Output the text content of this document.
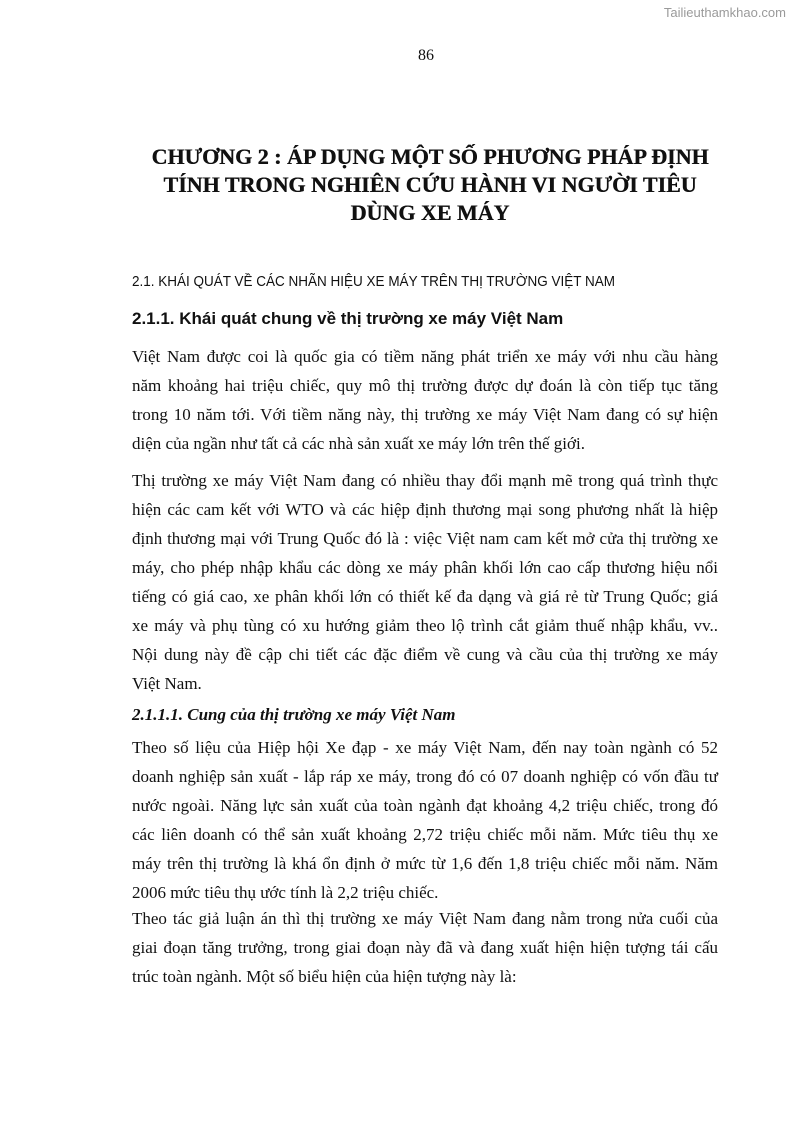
Tailieuthamkhao.com
86
CHƯƠNG 2 : ÁP DỤNG MỘT SỐ PHƯƠNG PHÁP ĐỊNH
TÍNH TRONG NGHIÊN CỨU HÀNH VI NGƯỜI TIÊU
DÙNG XE MÁY
2.1. KHÁI QUÁT VỀ CÁC NHÃN HIỆU XE MÁY TRÊN THỊ TRƯỜNG VIỆT NAM
2.1.1. Khái quát chung về thị trường xe máy Việt Nam
Việt Nam được coi là quốc gia có tiềm năng phát triển xe máy với nhu cầu hàng
năm khoảng hai triệu chiếc, quy mô thị trường được dự đoán là còn tiếp tục tăng
trong 10 năm tới. Với tiềm năng này, thị trường xe máy Việt Nam đang có sự hiện
diện của ngần như tất cả các nhà sản xuất xe máy lớn trên thế giới.
Thị trường xe máy Việt Nam đang có nhiều thay đổi mạnh mẽ trong quá trình thực
hiện các cam kết với WTO và các hiệp định thương mại song phương nhất là hiệp
định thương mại với Trung Quốc đó là : việc Việt nam cam kết mở cửa thị trường xe
máy, cho phép nhập khẩu các dòng xe máy phân khối lớn cao cấp thương hiệu nổi
tiếng có giá cao, xe phân khối lớn có thiết kế đa dạng và giá rẻ từ Trung Quốc; giá
xe máy và phụ tùng có xu hướng giảm theo lộ trình cắt giảm thuế nhập khẩu, vv..
Nội dung này đề cập chi tiết các đặc điểm về cung và cầu của thị trường xe máy
Việt Nam.
2.1.1.1. Cung của thị trường xe máy Việt Nam
Theo số liệu của Hiệp hội Xe đạp - xe máy Việt Nam, đến nay toàn ngành có 52
doanh nghiệp sản xuất - lắp ráp xe máy, trong đó có 07 doanh nghiệp có vốn đầu tư
nước ngoài. Năng lực sản xuất của toàn ngành đạt khoảng 4,2 triệu chiếc, trong đó
các liên doanh có thể sản xuất khoảng 2,72 triệu chiếc mỗi năm. Mức tiêu thụ xe
máy trên thị trường là khá ổn định ở mức từ 1,6 đến 1,8 triệu chiếc mỗi năm. Năm
2006 mức tiêu thụ ước tính là 2,2 triệu chiếc.
Theo tác giả luận án thì thị trường xe máy Việt Nam đang nằm trong nửa cuối của
giai đoạn tăng trưởng, trong giai đoạn này đã và đang xuất hiện hiện tượng tái cấu
trúc toàn ngành. Một số biểu hiện của hiện tượng này là:
